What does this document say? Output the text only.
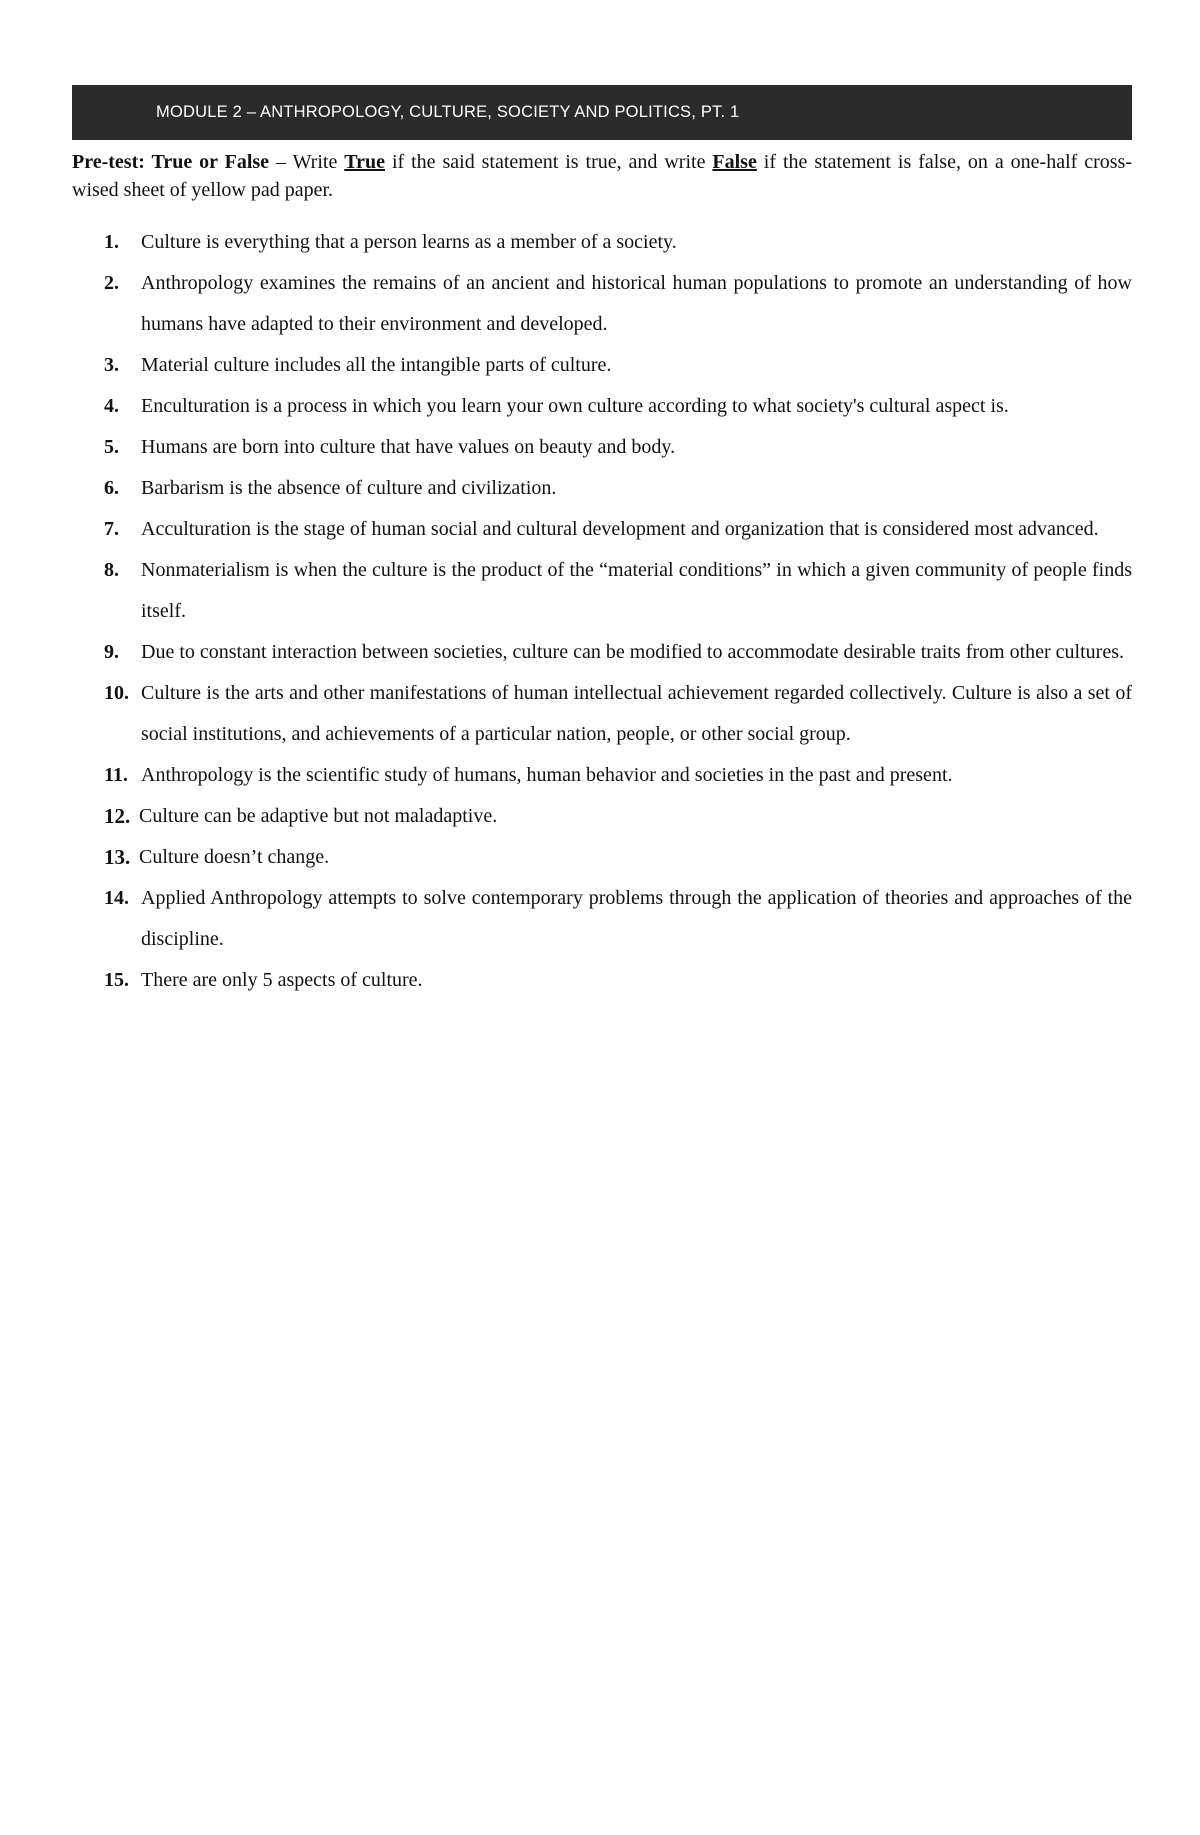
MODULE 2 – ANTHROPOLOGY, CULTURE, SOCIETY AND POLITICS, PT. 1
Pre-test: True or False – Write True if the said statement is true, and write False if the statement is false, on a one-half cross-wised sheet of yellow pad paper.
1.	Culture is everything that a person learns as a member of a society.
2.	Anthropology examines the remains of an ancient and historical human populations to promote an understanding of how humans have adapted to their environment and developed.
3.	Material culture includes all the intangible parts of culture.
4.	Enculturation is a process in which you learn your own culture according to what society's cultural aspect is.
5.	Humans are born into culture that have values on beauty and body.
6.	Barbarism is the absence of culture and civilization.
7.	Acculturation is the stage of human social and cultural development and organization that is considered most advanced.
8.	Nonmaterialism is when the culture is the product of the “material conditions” in which a given community of people finds itself.
9.	Due to constant interaction between societies, culture can be modified to accommodate desirable traits from other cultures.
10. Culture is the arts and other manifestations of human intellectual achievement regarded collectively. Culture is also a set of social institutions, and achievements of a particular nation, people, or other social group.
11. Anthropology is the scientific study of humans, human behavior and societies in the past and present.
12. Culture can be adaptive but not maladaptive.
13. Culture doesn’t change.
14. Applied Anthropology attempts to solve contemporary problems through the application of theories and approaches of the discipline.
15. There are only 5 aspects of culture.
